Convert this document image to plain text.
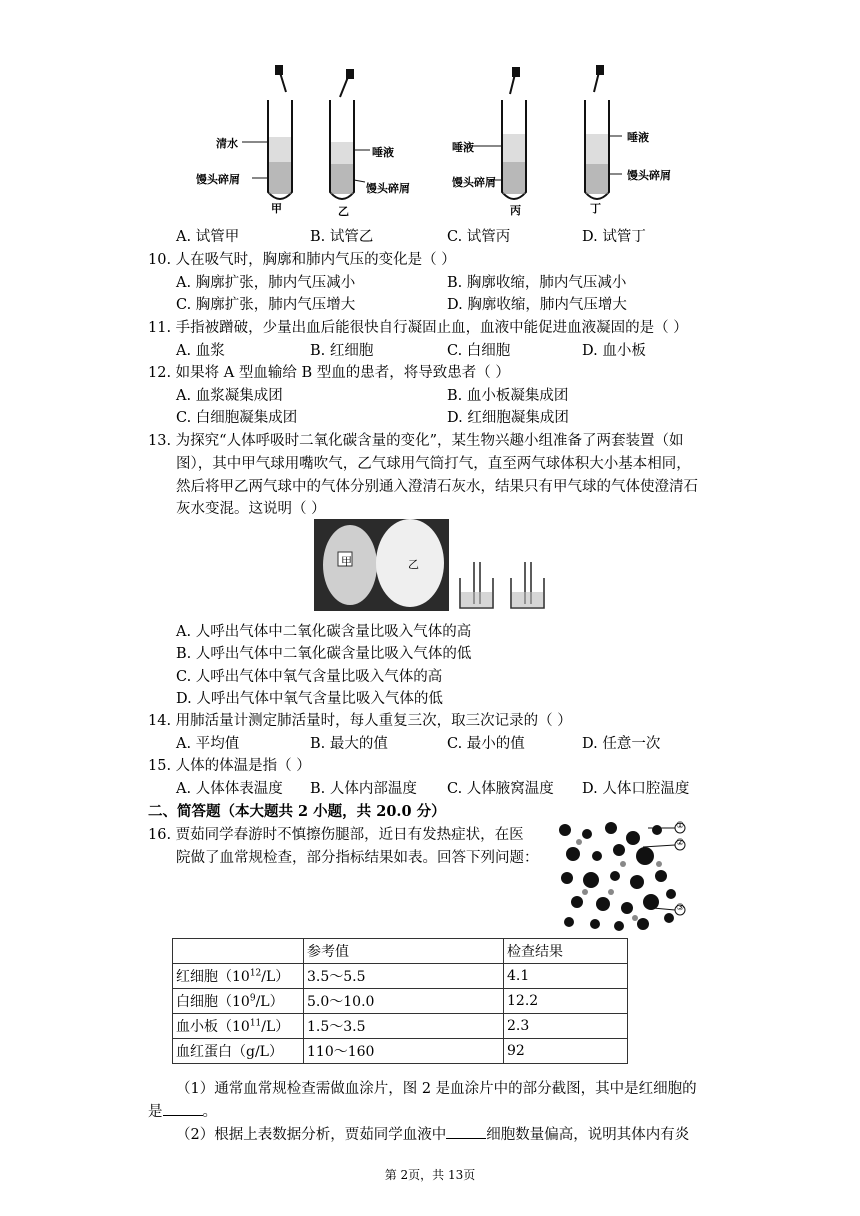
清水
馒头碎屑
甲
唾液
馒头碎屑
乙
唾液
馒头碎屑
丙
唾液
馒头碎屑
丁
A. 试管甲	B. 试管乙	C. 试管丙	D. 试管丁
10. 人在吸气时，胸廓和肺内气压的变化是（ ）
A. 胸廓扩张，肺内气压减小	B. 胸廓收缩，肺内气压减小
C. 胸廓扩张，肺内气压增大	D. 胸廓收缩，肺内气压增大
11. 手指被蹭破，少量出血后能很快自行凝固止血，血液中能促进血液凝固的是（ ）
A. 血浆	B. 红细胞	C. 白细胞	D. 血小板
12. 如果将 A 型血输给 B 型血的患者，将导致患者（ ）
A. 血浆凝集成团	B. 血小板凝集成团
C. 白细胞凝集成团	D. 红细胞凝集成团
13. 为探究“人体呼吸时二氧化碳含量的变化”，某生物兴趣小组准备了两套装置（如
图），其中甲气球用嘴吹气，乙气球用气筒打气，直至两气球体积大小基本相同，
然后将甲乙两气球中的气体分别通入澄清石灰水，结果只有甲气球的气体使澄清石
灰水变混。这说明（ ）
甲	乙
A. 人呼出气体中二氧化碳含量比吸入气体的高
B. 人呼出气体中二氧化碳含量比吸入气体的低
C. 人呼出气体中氧气含量比吸入气体的高
D. 人呼出气体中氧气含量比吸入气体的低
14. 用肺活量计测定肺活量时，每人重复三次，取三次记录的（ ）
A. 平均值	B. 最大的值	C. 最小的值	D. 任意一次
15. 人体的体温是指（ ）
A. 人体体表温度 B. 人体内部温度 C. 人体腋窝温度 D. 人体口腔温度
二、简答题（本大题共 2 小题，共 20.0 分）
16. 贾茹同学春游时不慎擦伤腿部，近日有发热症状，在医
院做了血常规检查，部分指标结果如表。回答下列问题：
①
②
③
	参考值	检查结果
红细胞$(10^{12}/L)$	3.5～5.5	4.1
白细胞$(10^9/L)$	5.0～10.0	12.2
血小板$(10^{11}/L)$	1.5～3.5	2.3
血红蛋白（g/L）	110～160	92
（1）通常血常规检查需做血涂片，图 2 是血涂片中的部分截图，其中是红细胞的
是	。
（2）根据上表数据分析，贾茹同学血液中	细胞数量偏高，说明其体内有炎
第 2页，共 13页
